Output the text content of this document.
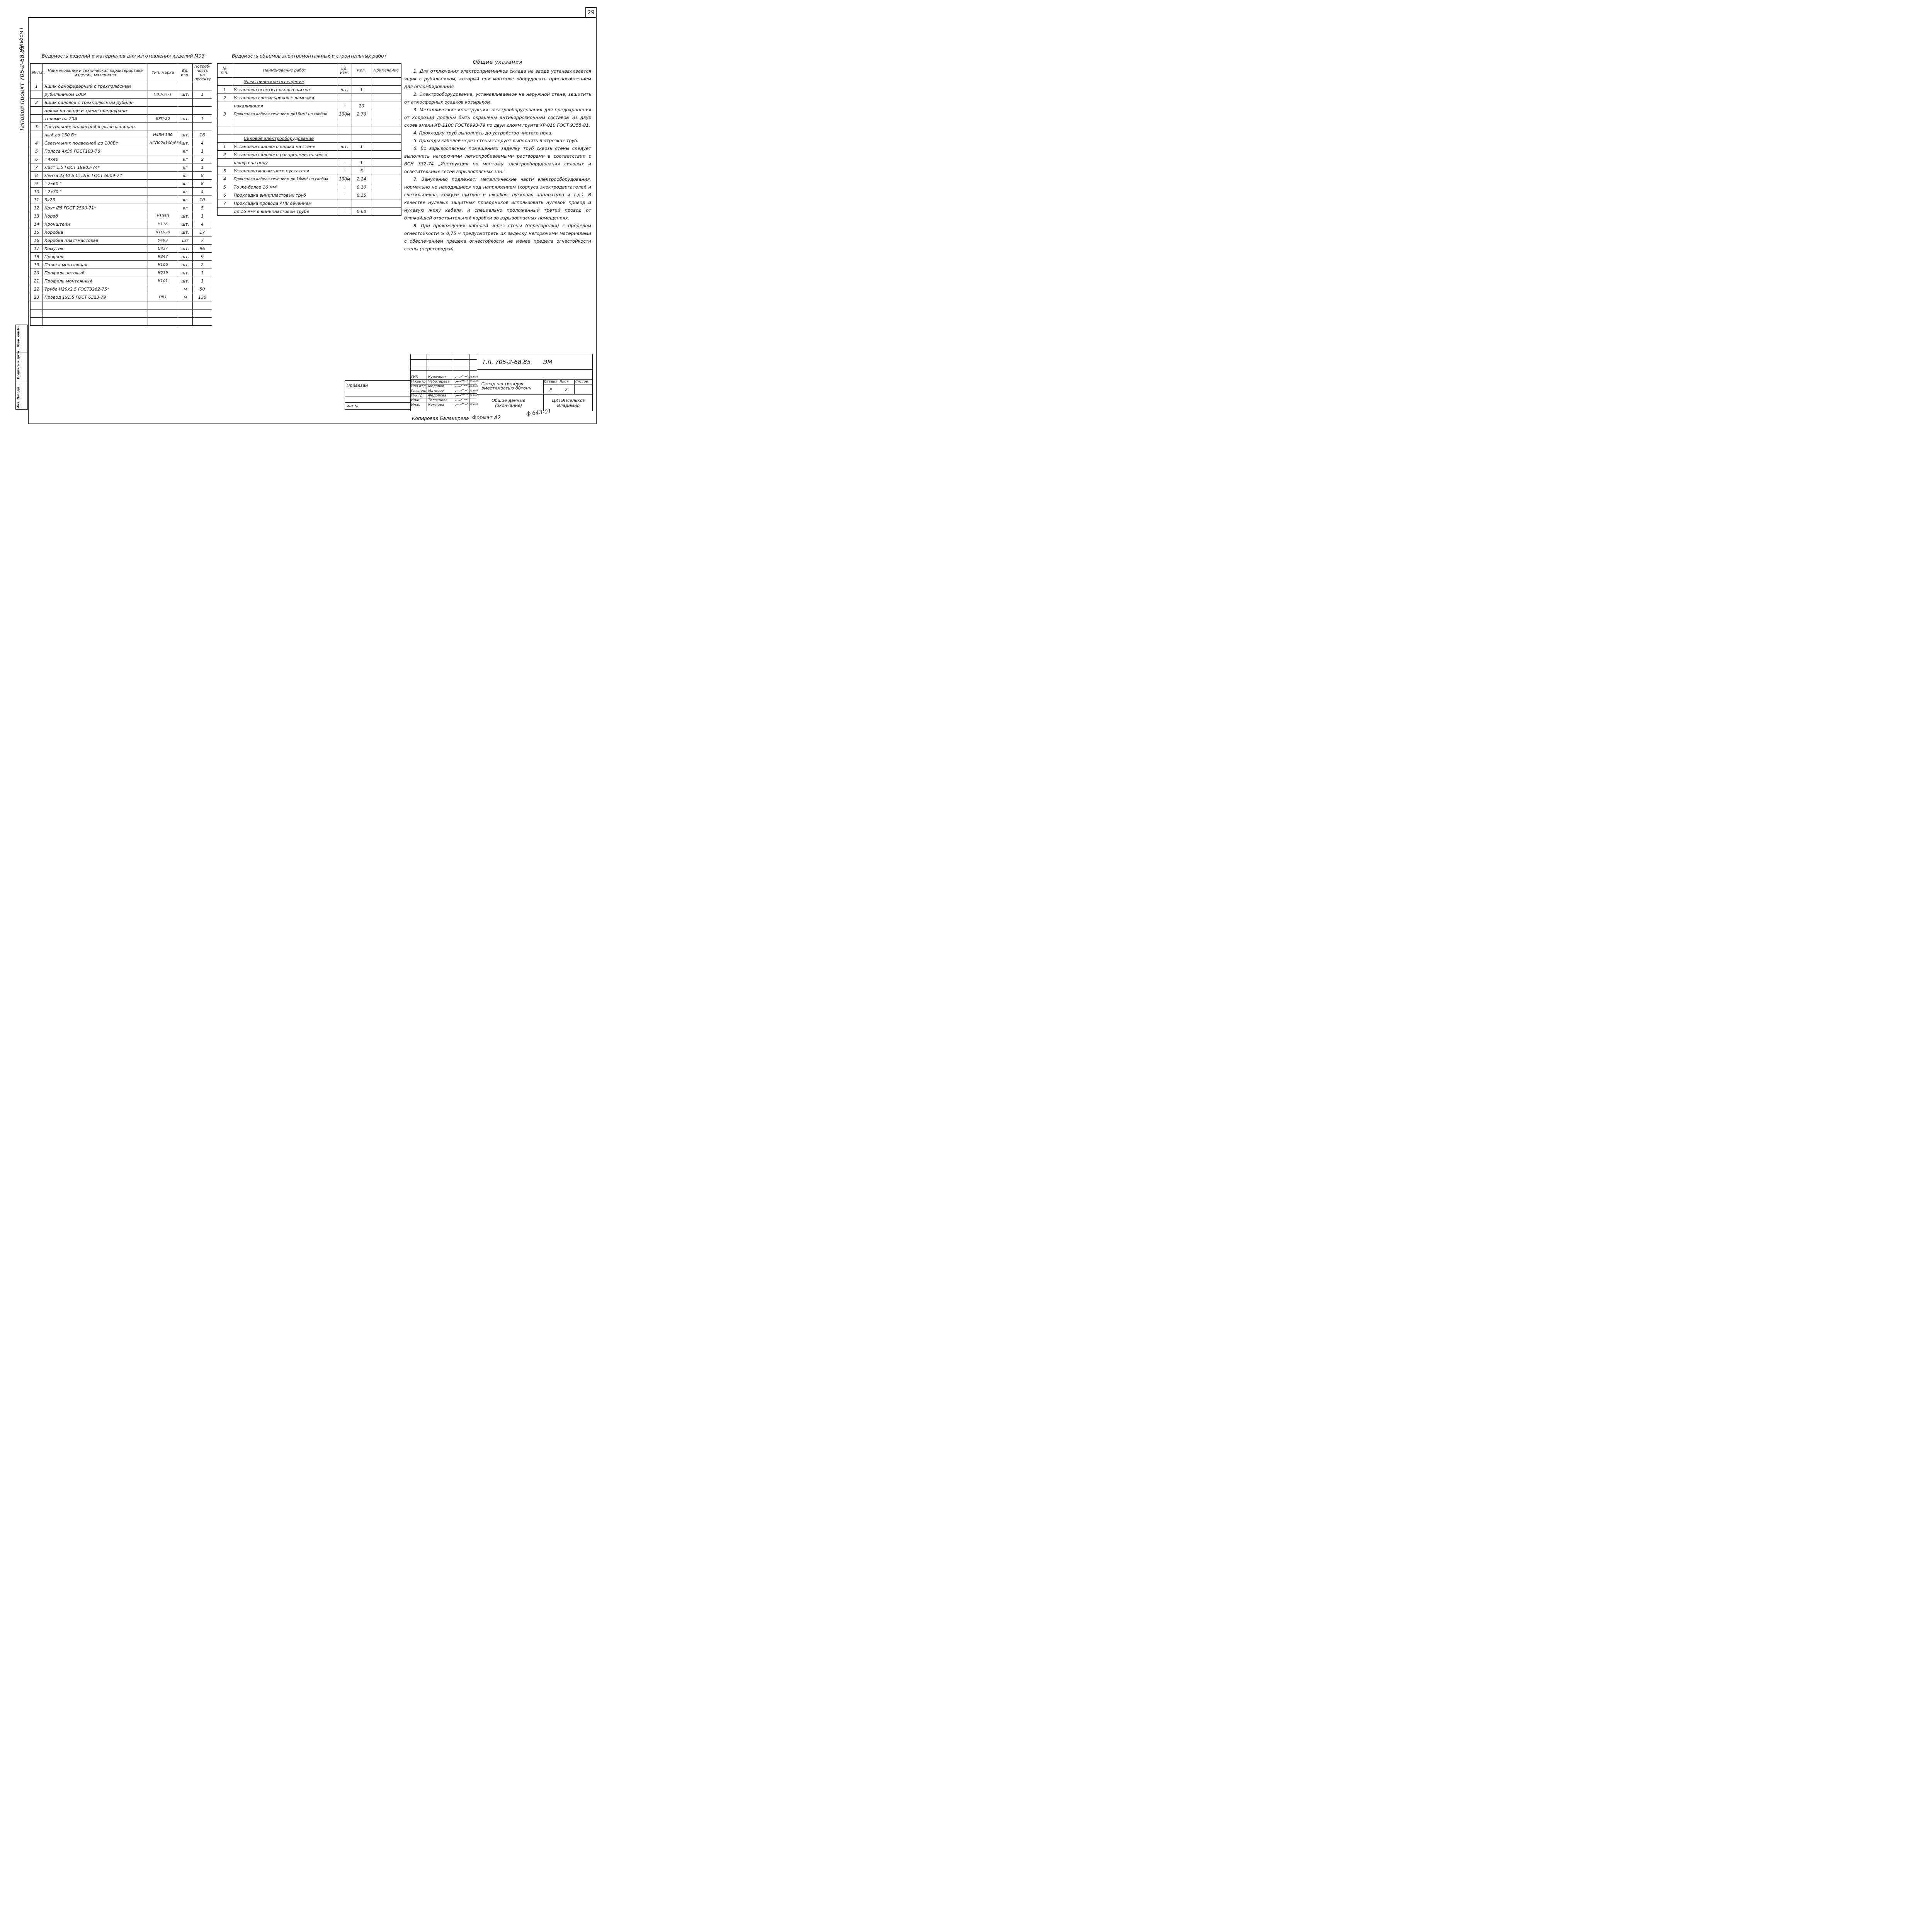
29
Альбом I
Типовой проект 705-2-68.85
Взам.инв.№
Подпись и дата
Инв. №подл.
Ведомость изделий и материалов для изготовления изделий МЭЗ
№ п.п.	Наименование и техническая характеристика изделия, материала	Тип, марка	Ед. изм.	Потреб-ность по проекту
1	Ящик однофидерный с трехполюсным			
	рубильником 100А	ЯВЗ-31-1	шт.	1
2	Ящик силовой с трехполюсным рубиль-			
	ником на вводе и тремя предохрани-			
	телями на 20А	ЯРП-20	шт.	1
3	Светильник подвесной взрывозащищен-			
	ный до 150 Вт	Н4БН 150	шт.	16
4	Светильник подвесной до 100Вт	НСП02х100/Р54	шт.	4
5	Полоса 4х30 ГОСТ103-76		кг	1
6	" 4х40		кг	2
7	Лист 1,5 ГОСТ 19903-74*		кг	1
8	Лента 2х40 Б Ст.2пс ГОСТ 6009-74		кг	8
9	" 2х60 "		кг	8
10	" 2х70 "		кг	4
11	3х25		кг	10
12	Круг Ø6 ГОСТ 2590-71*		кг	5
13	Короб	У1050	шт.	1
14	Кронштейн	У116	шт.	4
15	Коробка	КТО-20	шт.	17
16	Коробка пластмассовая	У409	шт	7
17	Хомутик	С437	шт.	96
18	Профиль	К347	шт.	9
19	Полоса монтажная	К106	шт.	2
20	Профиль зетовый	К239	шт.	1
21	Профиль монтажный	К101	шт.	1
22	Труба Н20х2.5 ГОСТ3262-75*		м	50
23	Провод 1х1,5 ГОСТ 6323-79	ПВ1	м	130

Ведомость объемов электромонтажных и строительных работ
№ п.п.	Наименование работ	Ед. изм.	Кол.	Примечание
	Электрическое освещение			
1	Установка осветительного щитка	шт.	1	
2	Установка светильников с лампами			
	накаливания	"	20	
3	Прокладка кабеля сечением до16мм² на скобах	100м	2,70	

	Силовое электрооборудование			
1	Установка силового ящика на стене	шт.	1	
2	Установка силового распределительного			
	шкафа на полу	"	1	
3	Установка магнитного пускателя	"	5	
4	Прокладка кабеля сечением до 16мм² на скобах	100м	2,24	
5	То же более 16 мм²	"	0,10	
6	Прокладка винипластовых труб	"	0,15	
7	Прокладка провода АПВ сечением			
	до 16 мм² в винипластовой трубе	"	0,60	
Общие указания

1. Для отключения электроприемников склада на вводе устанавливается ящик с рубильником, который при монтаже оборудовать приспособлением для опломбирования.

2. Электрооборудование, устанавливаемое на наружной стене, защитить от атмосферных осадков козырьком.

3. Металлические конструкции электрооборудования для предохранения от коррозии должны быть окрашены антикоррозионным составом из двух слоев эмали ХВ-1100 ГОСТ6993-79 по двум слоям грунта ХР-010 ГОСТ 9355-81.

4. Прокладку труб выполнить до устройства чистого пола.

5. Проходы кабелей через стены следует выполнять в отрезках труб.

6. Во взрывоопасных помещениях заделку труб сквозь стены следует выполнить негорючими легкопробиваемыми растворами в соответствии с ВСН 332-74 „Инструкция по монтажу электрооборудования силовых и осветительных сетей взрывоопасных зон."

7. Занулению подлежат: металлические части электрооборудования, нормально не находящиеся под напряжением (корпуса электродвигателей и светильников, кожухи щитков и шкафов, пусковая аппаратура и т.д.). В качестве нулевых защитных проводников использовать нулевой провод и нулевую жилу кабеля, и специально проложенный третий провод от ближайшей ответвительной коробки во взрывоопасных помещениях.

8. При прохождении кабелей через стены (перегородки) с пределом огнестойкости ≥ 0,75 ч предусмотреть их заделку негорючими материалами с обеспечением предела огнестойкости не менее предела огнестойкости стены (перегородки).

Привязан
Инв.№
Т.п. 705-2-68.85 ЭМ
Склад пестицидов вместимостью 80тонн
Стадия Лист Листов
Р	2
Общие данные (окончание)
ЦИТЭПсельхоз Владимир
ГИП	Курочкин	26.6.85
Н.контр. Чеботарева	25.6.85
Нач.отд. Федоров	25.6.85
Гл.спец. Матвеев	21.6.85
Рук.гр. Федорова	21.6.85
Инж. Толокнова
Инж. Комнова	25.6.85
Копировал Балакирева Формат А2
ф 643-01
